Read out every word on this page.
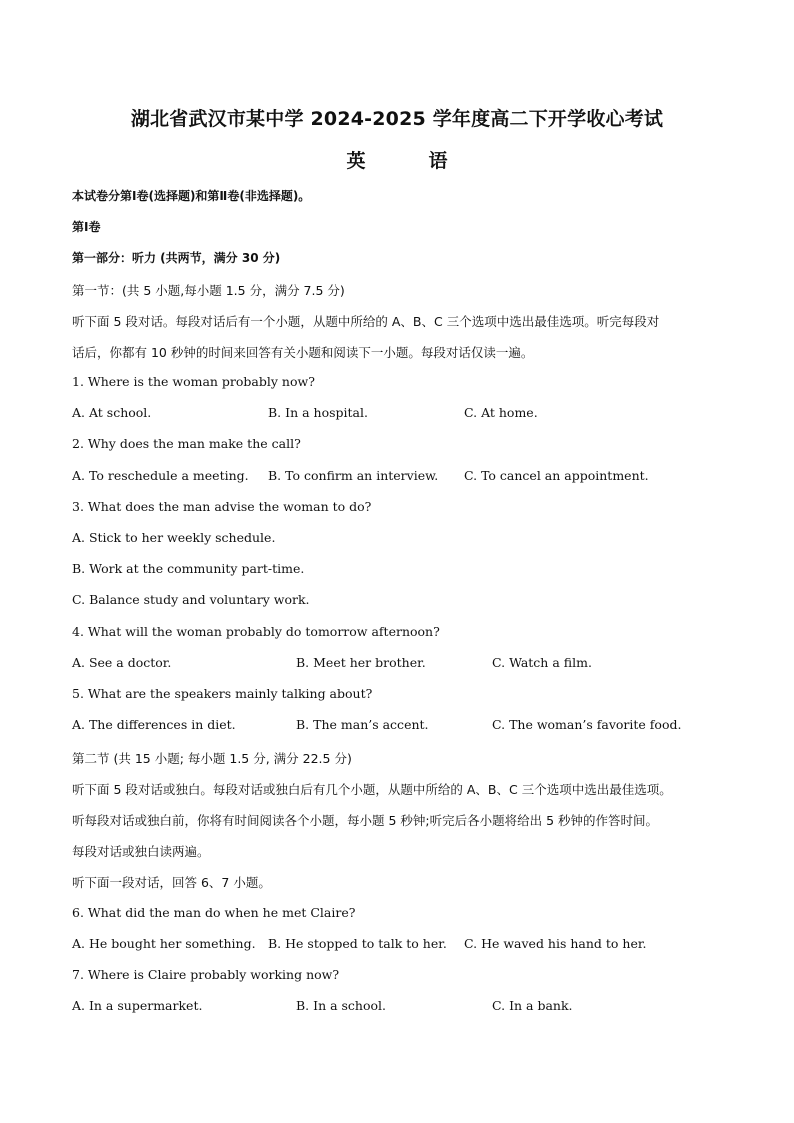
湖北省武汉市某中学 2024-2025 学年度高二下开学收心考试
英　语
本试卷分第Ⅰ卷(选择题)和第Ⅱ卷(非选择题)。
第Ⅰ卷
第一部分：听力 (共两节，满分 30 分)
第一节：(共 5 小题,每小题 1.5 分，满分 7.5 分)
听下面 5 段对话。每段对话后有一个小题，从题中所给的 A、B、C 三个选项中选出最佳选项。听完每段对
话后，你都有 10 秒钟的时间来回答有关小题和阅读下一小题。每段对话仅读一遍。
1. Where is the woman probably now?
A. At school.	B. In a hospital.	C. At home.
2. Why does the man make the call?
A. To reschedule a meeting. B. To confirm an interview. C. To cancel an appointment.
3. What does the man advise the woman to do?
A. Stick to her weekly schedule.
B. Work at the community part-time.
C. Balance study and voluntary work.
4. What will the woman probably do tomorrow afternoon?
A. See a doctor.	B. Meet her brother.	C. Watch a film.
5. What are the speakers mainly talking about?
A. The differences in diet.	B. The man’s accent.	C. The woman’s favorite food.
第二节 (共 15 小题; 每小题 1.5 分, 满分 22.5 分)
听下面 5 段对话或独白。每段对话或独白后有几个小题，从题中所给的 A、B、C 三个选项中选出最佳选项。
听每段对话或独白前，你将有时间阅读各个小题，每小题 5 秒钟;听完后各小题将给出 5 秒钟的作答时间。
每段对话或独白读两遍。
听下面一段对话，回答 6、7 小题。
6. What did the man do when he met Claire?
A. He bought her something. B. He stopped to talk to her. C. He waved his hand to her.
7. Where is Claire probably working now?
A. In a supermarket.	B. In a school.	C. In a bank.
